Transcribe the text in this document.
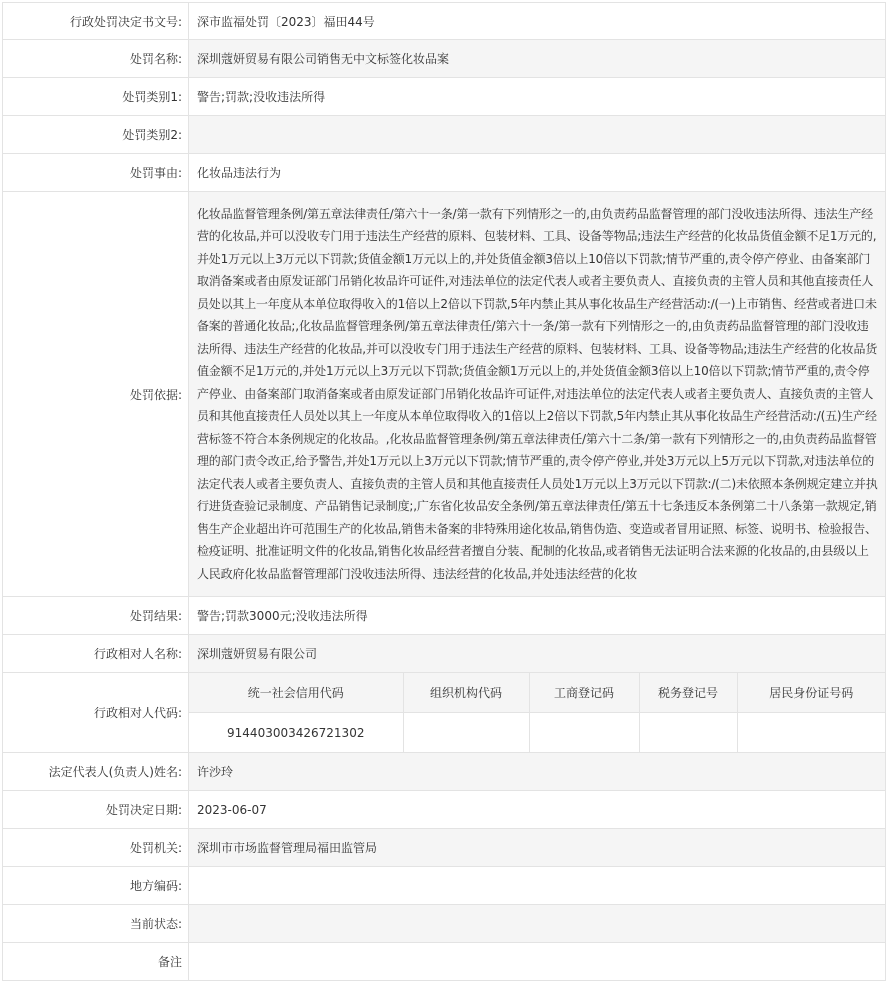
行政处罚决定书文号:	深市监福处罚〔2023〕福田44号
处罚名称:	深圳蔻妍贸易有限公司销售无中文标签化妆品案
处罚类别1:	警告;罚款;没收违法所得
处罚类别2:	
处罚事由:	化妆品违法行为
处罚依据:	化妆品监督管理条例/第五章法律责任/第六十一条/第一款有下列情形之一的,由负责药品监督管理的部门没收违法所得、违法生产经营的化妆品,并可以没收专门用于违法生产经营的原料、包装材料、工具、设备等物品;违法生产经营的化妆品货值金额不足1万元的,并处1万元以上3万元以下罚款;货值金额1万元以上的,并处货值金额3倍以上10倍以下罚款;情节严重的,责令停产停业、由备案部门取消备案或者由原发证部门吊销化妆品许可证件,对违法单位的法定代表人或者主要负责人、直接负责的主管人员和其他直接责任人员处以其上一年度从本单位取得收入的1倍以上2倍以下罚款,5年内禁止其从事化妆品生产经营活动:/(一)上市销售、经营或者进口未备案的普通化妆品;,化妆品监督管理条例/第五章法律责任/第六十一条/第一款有下列情形之一的,由负责药品监督管理的部门没收违法所得、违法生产经营的化妆品,并可以没收专门用于违法生产经营的原料、包装材料、工具、设备等物品;违法生产经营的化妆品货值金额不足1万元的,并处1万元以上3万元以下罚款;货值金额1万元以上的,并处货值金额3倍以上10倍以下罚款;情节严重的,责令停产停业、由备案部门取消备案或者由原发证部门吊销化妆品许可证件,对违法单位的法定代表人或者主要负责人、直接负责的主管人员和其他直接责任人员处以其上一年度从本单位取得收入的1倍以上2倍以下罚款,5年内禁止其从事化妆品生产经营活动:/(五)生产经营标签不符合本条例规定的化妆品。,化妆品监督管理条例/第五章法律责任/第六十二条/第一款有下列情形之一的,由负责药品监督管理的部门责令改正,给予警告,并处1万元以上3万元以下罚款;情节严重的,责令停产停业,并处3万元以上5万元以下罚款,对违法单位的法定代表人或者主要负责人、直接负责的主管人员和其他直接责任人员处1万元以上3万元以下罚款:/(二)未依照本条例规定建立并执行进货查验记录制度、产品销售记录制度;,广东省化妆品安全条例/第五章法律责任/第五十七条违反本条例第二十八条第一款规定,销售生产企业超出许可范围生产的化妆品,销售未备案的非特殊用途化妆品,销售伪造、变造或者冒用证照、标签、说明书、检验报告、检疫证明、批准证明文件的化妆品,销售化妆品经营者擅自分装、配制的化妆品,或者销售无法证明合法来源的化妆品的,由县级以上人民政府化妆品监督管理部门没收违法所得、违法经营的化妆品,并处违法经营的化妆
处罚结果:	警告;罚款3000元;没收违法所得
行政相对人名称:	深圳蔻妍贸易有限公司
行政相对人代码:	
统一社会信用代码	组织机构代码	工商登记码	税务登记号	居民身份证号码
914403003426721302				

法定代表人(负责人)姓名:	许沙玲
处罚决定日期:	2023-06-07
处罚机关:	深圳市市场监督管理局福田监管局
地方编码:	
当前状态:	
备注	
